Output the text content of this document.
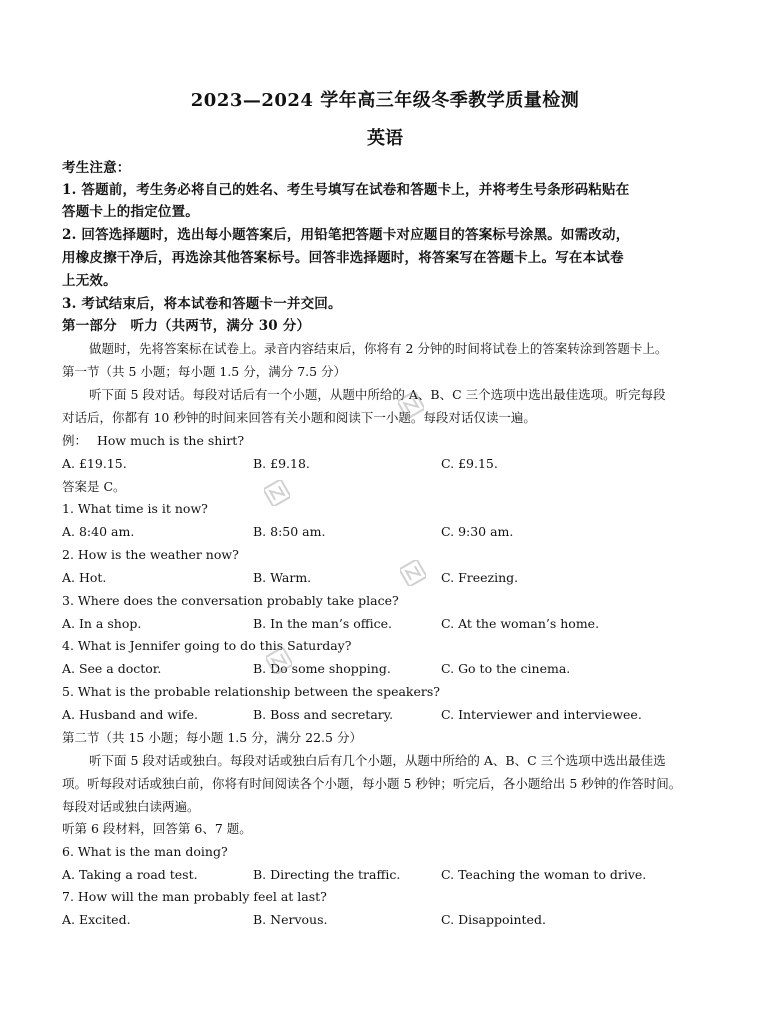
2023—2024 学年高三年级冬季教学质量检测
英语
考生注意：
1. 答题前，考生务必将自己的姓名、考生号填写在试卷和答题卡上，并将考生号条形码粘贴在
答题卡上的指定位置。
2. 回答选择题时，选出每小题答案后，用铅笔把答题卡对应题目的答案标号涂黑。如需改动，
用橡皮擦干净后，再选涂其他答案标号。回答非选择题时，将答案写在答题卡上。写在本试卷
上无效。
3. 考试结束后，将本试卷和答题卡一并交回。
第一部分　听力（共两节，满分 30 分）
做题时，先将答案标在试卷上。录音内容结束后，你将有 2 分钟的时间将试卷上的答案转涂到答题卡上。
第一节（共 5 小题；每小题 1.5 分，满分 7.5 分）
听下面 5 段对话。每段对话后有一个小题，从题中所给的 A、B、C 三个选项中选出最佳选项。听完每段
对话后，你都有 10 秒钟的时间来回答有关小题和阅读下一小题。每段对话仅读一遍。
例： How much is the shirt?
A. £19.15.	B. £9.18.	C. £9.15.
答案是 C。
1. What time is it now?
A. 8:40 am.	B. 8:50 am.	C. 9:30 am.
2. How is the weather now?
A. Hot.	B. Warm.	C. Freezing.
3. Where does the conversation probably take place?
A. In a shop.	B. In the man’s office.	C. At the woman’s home.
4. What is Jennifer going to do this Saturday?
A. See a doctor.	B. Do some shopping.	C. Go to the cinema.
5. What is the probable relationship between the speakers?
A. Husband and wife.	B. Boss and secretary.	C. Interviewer and interviewee.
第二节（共 15 小题；每小题 1.5 分，满分 22.5 分）
听下面 5 段对话或独白。每段对话或独白后有几个小题，从题中所给的 A、B、C 三个选项中选出最佳选
项。听每段对话或独白前，你将有时间阅读各个小题，每小题 5 秒钟；听完后，各小题给出 5 秒钟的作答时间。
每段对话或独白读两遍。
听第 6 段材料，回答第 6、7 题。
6. What is the man doing?
A. Taking a road test.	B. Directing the traffic.	C. Teaching the woman to drive.
7. How will the man probably feel at last?
A. Excited.	B. Nervous.	C. Disappointed.
